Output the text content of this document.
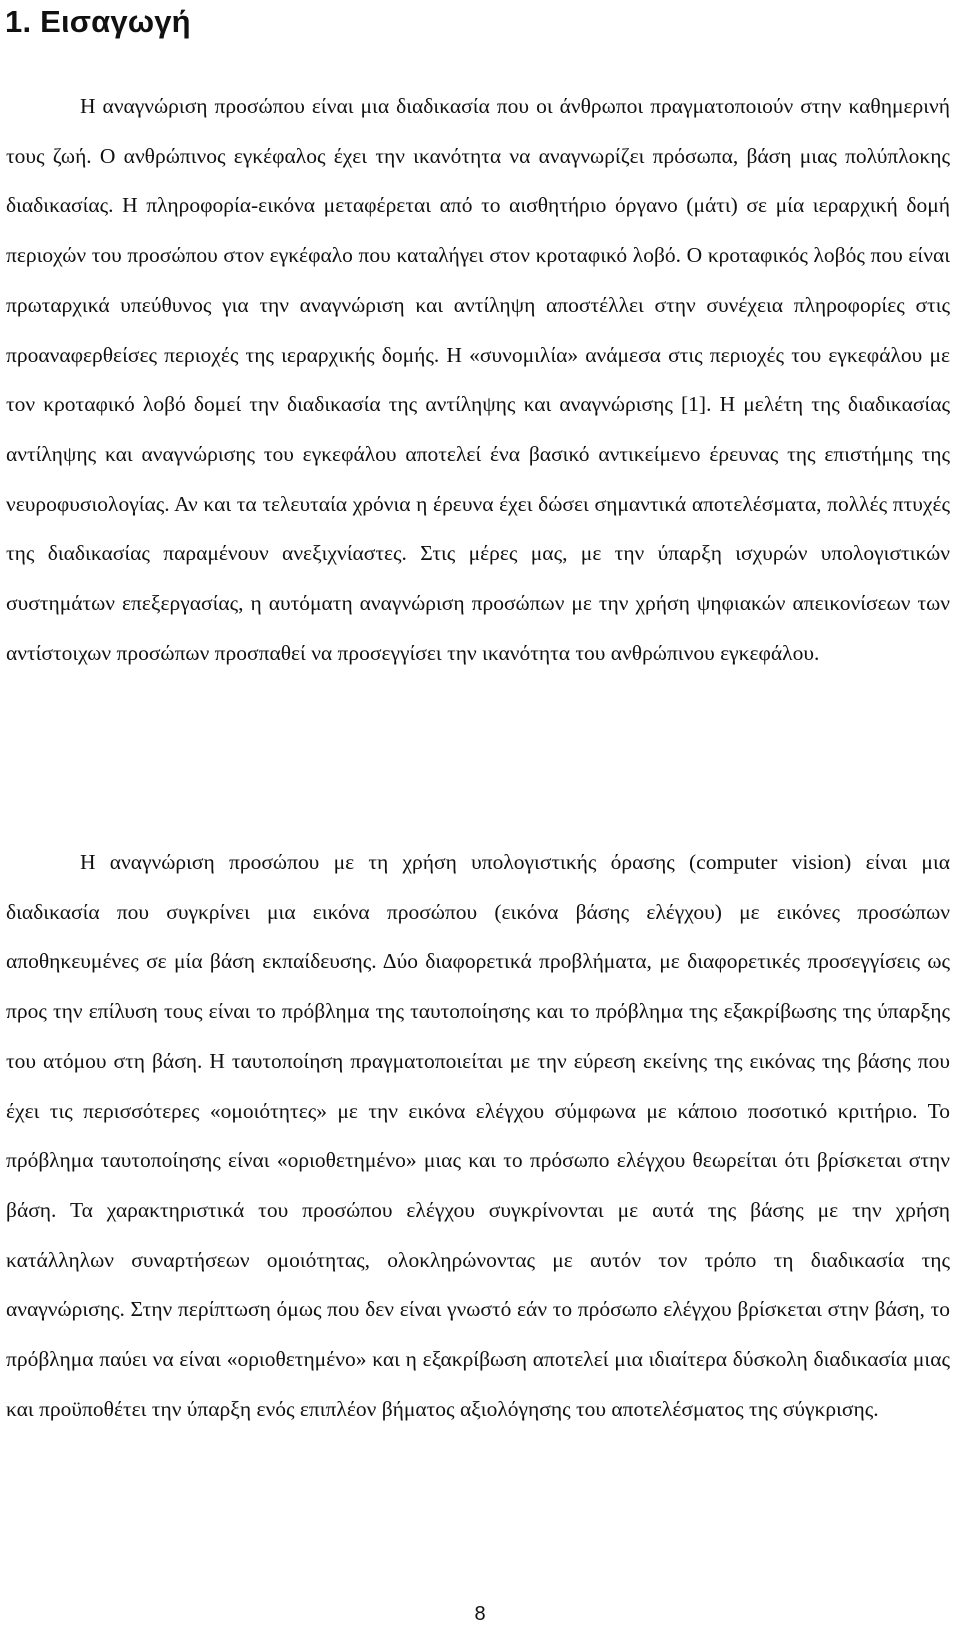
1. Εισαγωγή

Η αναγνώριση προσώπου είναι μια διαδικασία που οι άνθρωποι πραγματοποιούν στην καθημερινή τους ζωή. Ο ανθρώπινος εγκέφαλος έχει την ικανότητα να αναγνωρίζει πρόσωπα, βάση μιας πολύπλοκης διαδικασίας. Η πληροφορία-εικόνα μεταφέρεται από το αισθητήριο όργανο (μάτι) σε μία ιεραρχική δομή περιοχών του προσώπου στον εγκέφαλο που καταλήγει στον κροταφικό λοβό. Ο κροταφικός λοβός που είναι πρωταρχικά υπεύθυνος για την αναγνώριση και αντίληψη αποστέλλει στην συνέχεια πληροφορίες στις προαναφερθείσες περιοχές της ιεραρχικής δομής. Η «συνομιλία» ανάμεσα στις περιοχές του εγκεφάλου με τον κροταφικό λοβό δομεί την διαδικασία της αντίληψης και αναγνώρισης [1]. Η μελέτη της διαδικασίας αντίληψης και αναγνώρισης του εγκεφάλου αποτελεί ένα βασικό αντικείμενο έρευνας της επιστήμης της νευροφυσιολογίας. Αν και τα τελευταία χρόνια η έρευνα έχει δώσει σημαντικά αποτελέσματα, πολλές πτυχές της διαδικασίας παραμένουν ανεξιχνίαστες. Στις μέρες μας, με την ύπαρξη ισχυρών υπολογιστικών συστημάτων επεξεργασίας, η αυτόματη αναγνώριση προσώπων με την χρήση ψηφιακών απεικονίσεων των αντίστοιχων προσώπων προσπαθεί να προσεγγίσει την ικανότητα του ανθρώπινου εγκεφάλου.

Η αναγνώριση προσώπου με τη χρήση υπολογιστικής όρασης (computer vision) είναι μια διαδικασία που συγκρίνει μια εικόνα προσώπου (εικόνα βάσης ελέγχου) με εικόνες προσώπων αποθηκευμένες σε μία βάση εκπαίδευσης. Δύο διαφορετικά προβλήματα, με διαφορετικές προσεγγίσεις ως προς την επίλυση τους είναι το πρόβλημα της ταυτοποίησης και το πρόβλημα της εξακρίβωσης της ύπαρξης του ατόμου στη βάση. Η ταυτοποίηση πραγματοποιείται με την εύρεση εκείνης της εικόνας της βάσης που έχει τις περισσότερες «ομοιότητες» με την εικόνα ελέγχου σύμφωνα με κάποιο ποσοτικό κριτήριο. Το πρόβλημα ταυτοποίησης είναι «οριοθετημένο» μιας και το πρόσωπο ελέγχου θεωρείται ότι βρίσκεται στην βάση. Τα χαρακτηριστικά του προσώπου ελέγχου συγκρίνονται με αυτά της βάσης με την χρήση κατάλληλων συναρτήσεων ομοιότητας, ολοκληρώνοντας με αυτόν τον τρόπο τη διαδικασία της αναγνώρισης. Στην περίπτωση όμως που δεν είναι γνωστό εάν το πρόσωπο ελέγχου βρίσκεται στην βάση, το πρόβλημα παύει να είναι «οριοθετημένο» και η εξακρίβωση αποτελεί μια ιδιαίτερα δύσκολη διαδικασία μιας και προϋποθέτει την ύπαρξη ενός επιπλέον βήματος αξιολόγησης του αποτελέσματος της σύγκρισης.

8
